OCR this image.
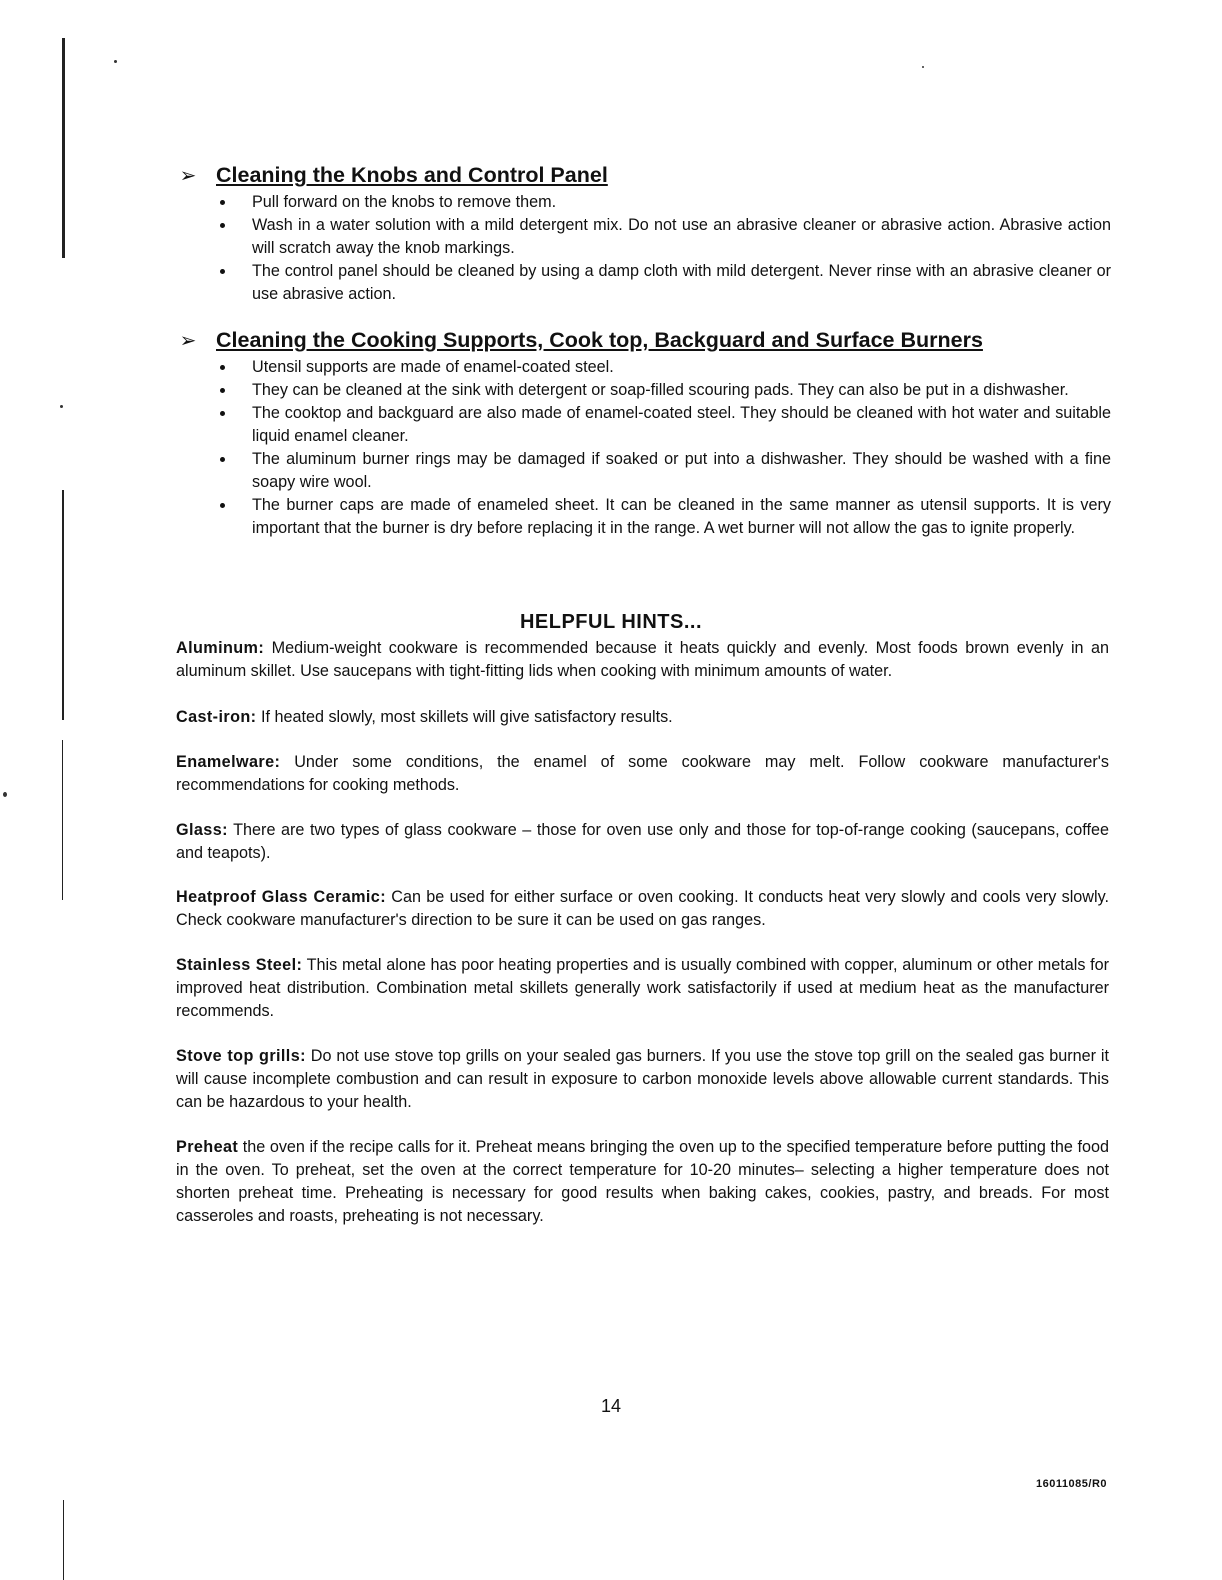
➢ Cleaning the Knobs and Control Panel
Pull forward on the knobs to remove them.
Wash in a water solution with a mild detergent mix. Do not use an abrasive cleaner or abrasive action. Abrasive action will scratch away the knob markings.
The control panel should be cleaned by using a damp cloth with mild detergent. Never rinse with an abrasive cleaner or use abrasive action.
➢ Cleaning the Cooking Supports, Cook top, Backguard and Surface Burners
Utensil supports are made of enamel-coated steel.
They can be cleaned at the sink with detergent or soap-filled scouring pads. They can also be put in a dishwasher.
The cooktop and backguard are also made of enamel-coated steel. They should be cleaned with hot water and suitable liquid enamel cleaner.
The aluminum burner rings may be damaged if soaked or put into a dishwasher. They should be washed with a fine soapy wire wool.
The burner caps are made of enameled sheet. It can be cleaned in the same manner as utensil supports. It is very important that the burner is dry before replacing it in the range. A wet burner will not allow the gas to ignite properly.
HELPFUL HINTS...

Aluminum: Medium-weight cookware is recommended because it heats quickly and evenly. Most foods brown evenly in an aluminum skillet. Use saucepans with tight-fitting lids when cooking with minimum amounts of water.

Cast-iron: If heated slowly, most skillets will give satisfactory results.

Enamelware: Under some conditions, the enamel of some cookware may melt. Follow cookware manufacturer's recommendations for cooking methods.

Glass: There are two types of glass cookware – those for oven use only and those for top-of-range cooking (saucepans, coffee and teapots).

Heatproof Glass Ceramic: Can be used for either surface or oven cooking. It conducts heat very slowly and cools very slowly. Check cookware manufacturer's direction to be sure it can be used on gas ranges.

Stainless Steel: This metal alone has poor heating properties and is usually combined with copper, aluminum or other metals for improved heat distribution. Combination metal skillets generally work satisfactorily if used at medium heat as the manufacturer recommends.

Stove top grills: Do not use stove top grills on your sealed gas burners. If you use the stove top grill on the sealed gas burner it will cause incomplete combustion and can result in exposure to carbon monoxide levels above allowable current standards. This can be hazardous to your health.

Preheat the oven if the recipe calls for it. Preheat means bringing the oven up to the specified temperature before putting the food in the oven. To preheat, set the oven at the correct temperature for 10-20 minutes– selecting a higher temperature does not shorten preheat time. Preheating is necessary for good results when baking cakes, cookies, pastry, and breads. For most casseroles and roasts, preheating is not necessary.

14
16011085/R0
